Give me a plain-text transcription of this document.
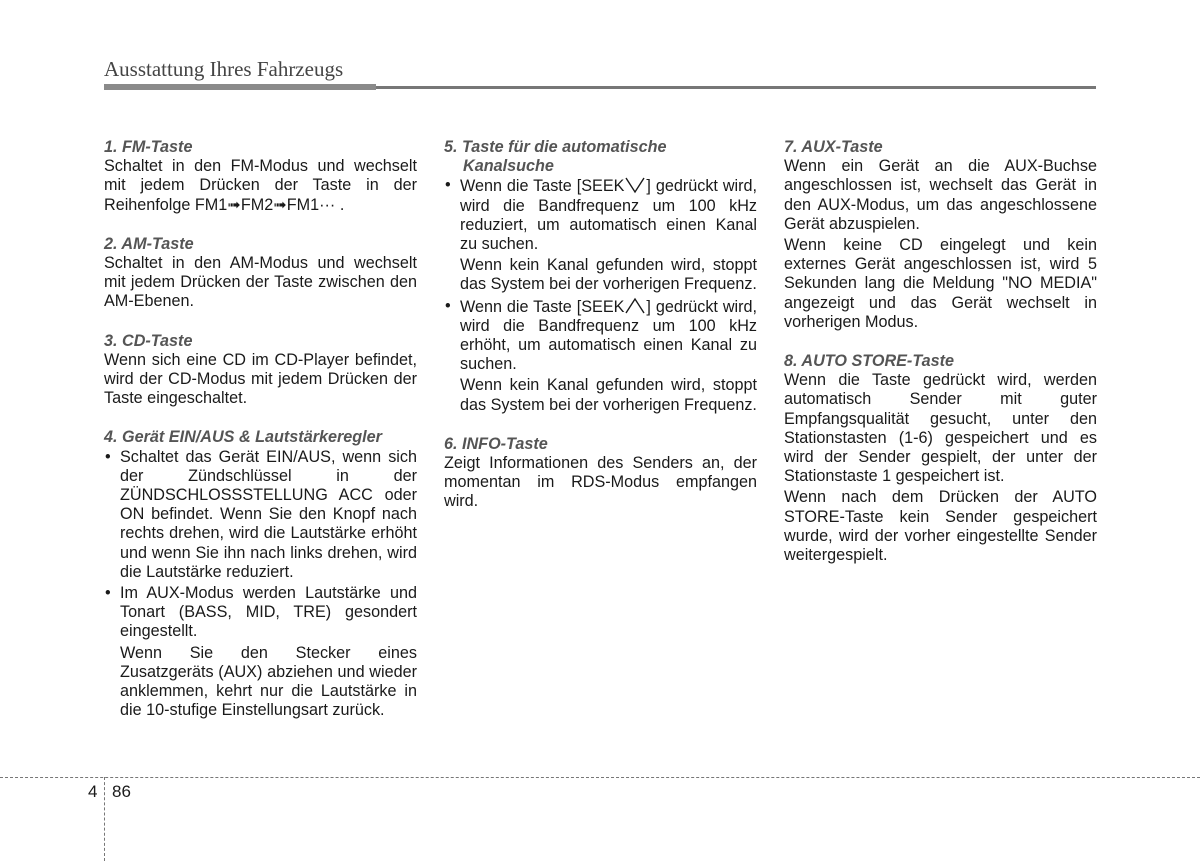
Ausstattung Ihres Fahrzeugs

1. FM-Taste

Schaltet in den FM-Modus und wechselt mit jedem Drücken der Taste in der Reihenfolge FM1➟FM2➟FM1··· .

2. AM-Taste

Schaltet in den AM-Modus und wechselt mit jedem Drücken der Taste zwischen den AM-Ebenen.

3. CD-Taste

Wenn sich eine CD im CD-Player befindet, wird der CD-Modus mit jedem Drücken der Taste eingeschaltet.

4. Gerät EIN/AUS & Lautstärkeregler

• Schaltet das Gerät EIN/AUS, wenn sich der Zündschlüssel in der ZÜNDSCHLOSSSTELLUNG ACC oder ON befindet. Wenn Sie den Knopf nach rechts drehen, wird die Lautstärke erhöht und wenn Sie ihn nach links drehen, wird die Lautstärke reduziert.

• Im AUX-Modus werden Lautstärke und Tonart (BASS, MID, TRE) gesondert eingestellt.

Wenn Sie den Stecker eines Zusatzgeräts (AUX) abziehen und wieder anklemmen, kehrt nur die Lautstärke in die 10-stufige Einstellungsart zurück.

5. Taste für die automatische

Kanalsuche

• Wenn die Taste [SEEK ] gedrückt wird, wird die Bandfrequenz um 100 kHz reduziert, um automatisch einen Kanal zu suchen.

Wenn kein Kanal gefunden wird, stoppt das System bei der vorherigen Frequenz.

• Wenn die Taste [SEEK ] gedrückt wird, wird die Bandfrequenz um 100 kHz erhöht, um automatisch einen Kanal zu suchen.

Wenn kein Kanal gefunden wird, stoppt das System bei der vorherigen Frequenz.

6. INFO-Taste

Zeigt Informationen des Senders an, der momentan im RDS-Modus empfangen wird.

7. AUX-Taste

Wenn ein Gerät an die AUX-Buchse angeschlossen ist, wechselt das Gerät in den AUX-Modus, um das angeschlossene Gerät abzuspielen.

Wenn keine CD eingelegt und kein externes Gerät angeschlossen ist, wird 5 Sekunden lang die Meldung "NO MEDIA" angezeigt und das Gerät wechselt in vorherigen Modus.

8. AUTO STORE-Taste

Wenn die Taste gedrückt wird, werden automatisch Sender mit guter Empfangsqualität gesucht, unter den Stationstasten (1-6) gespeichert und es wird der Sender gespielt, der unter der Stationstaste 1 gespeichert ist.

Wenn nach dem Drücken der AUTO STORE-Taste kein Sender gespeichert wurde, wird der vorher eingestellte Sender weitergespielt.

4 86
